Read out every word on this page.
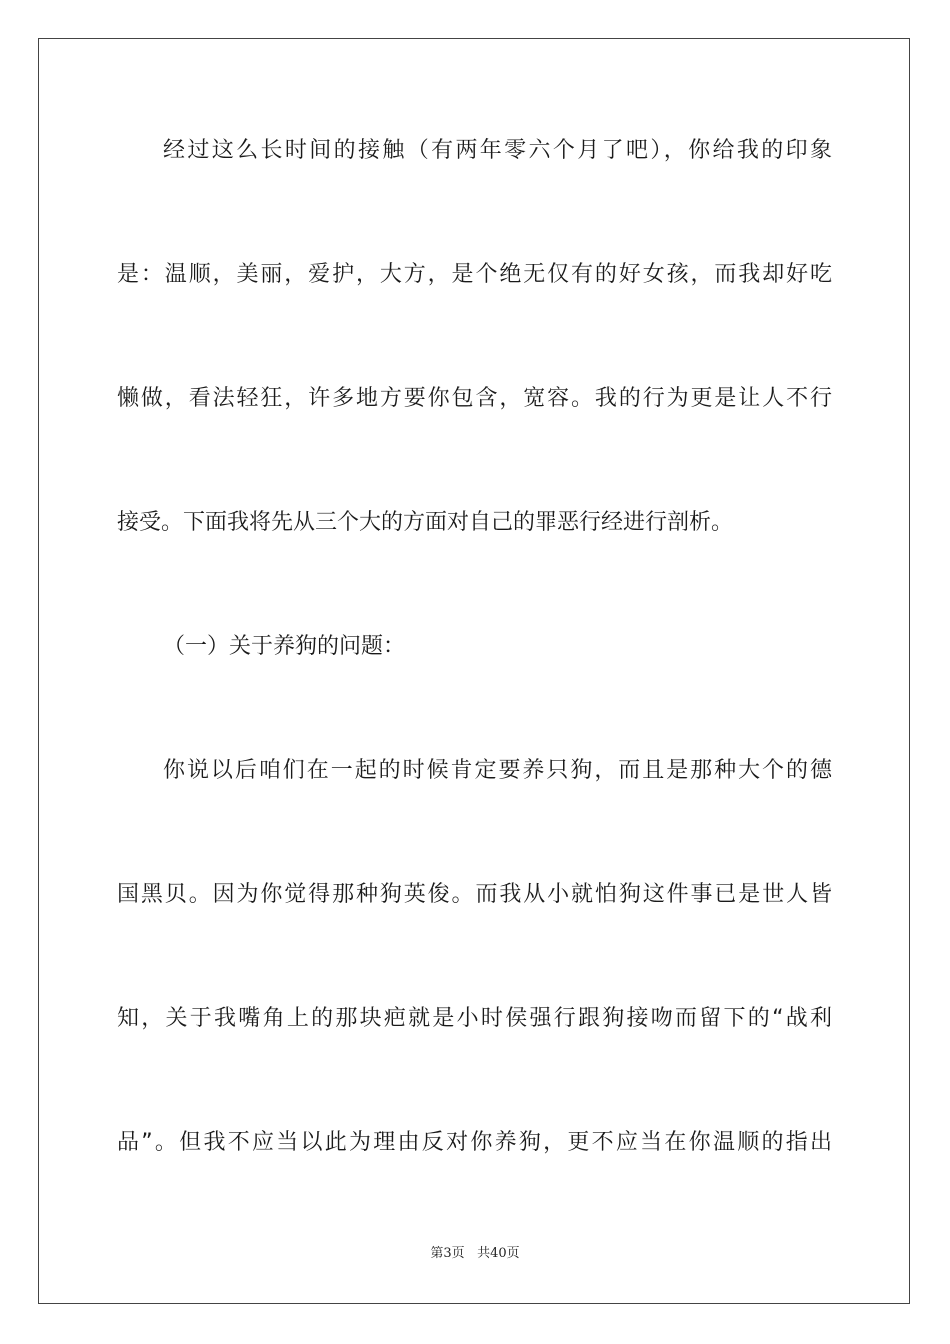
经过这么长时间的接触（有两年零六个月了吧），你给我的印象
是：温顺，美丽，爱护，大方，是个绝无仅有的好女孩，而我却好吃
懒做，看法轻狂，许多地方要你包含，宽容。我的行为更是让人不行
接受。下面我将先从三个大的方面对自己的罪恶行经进行剖析。
（一）关于养狗的问题：
你说以后咱们在一起的时候肯定要养只狗，而且是那种大个的德
国黑贝。因为你觉得那种狗英俊。而我从小就怕狗这件事已是世人皆
知，关于我嘴角上的那块疤就是小时侯强行跟狗接吻而留下的“战利
品”。但我不应当以此为理由反对你养狗，更不应当在你温顺的指出
第3页 共40页
